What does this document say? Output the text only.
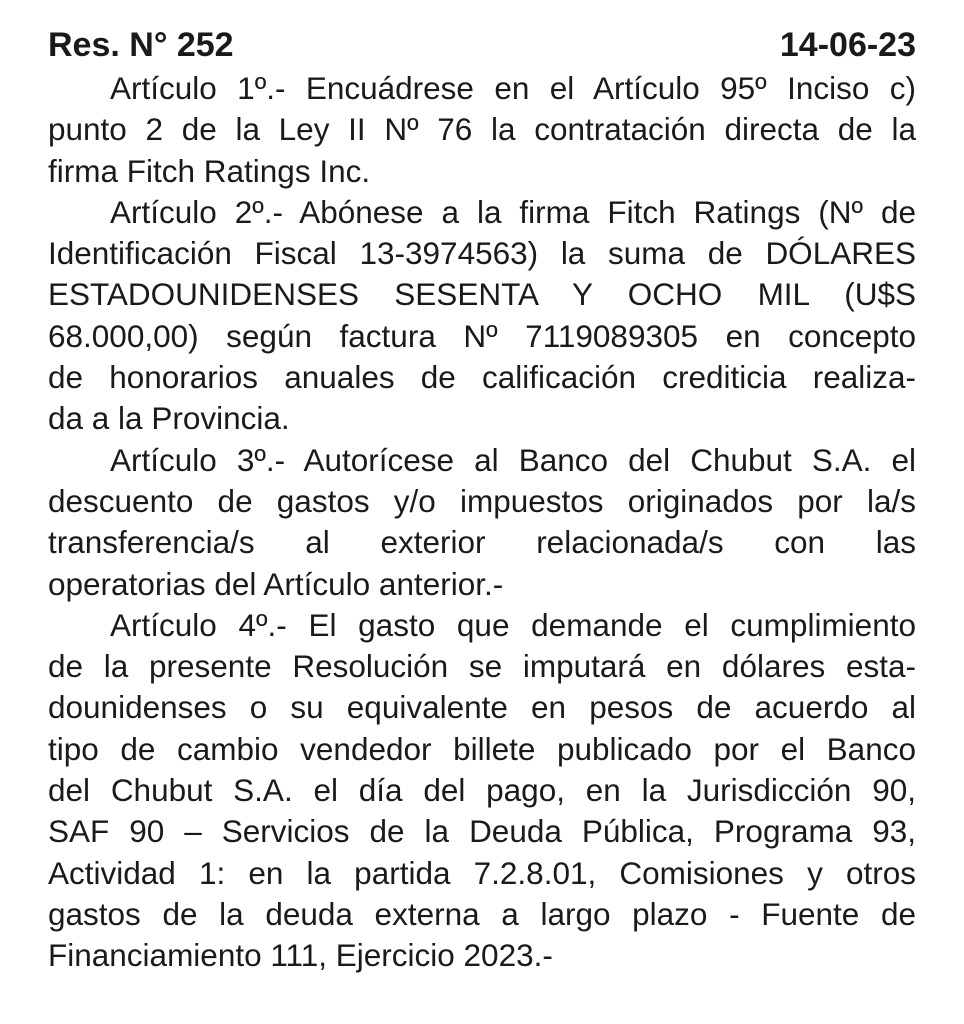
Res. N° 252	14-06-23
Artículo 1º.- Encuádrese en el Artículo 95º Inciso c)
punto 2 de la Ley II Nº 76 la contratación directa de la
firma Fitch Ratings Inc.
Artículo 2º.- Abónese a la firma Fitch Ratings (Nº de
Identificación Fiscal 13-3974563) la suma de DÓLARES
ESTADOUNIDENSES SESENTA Y OCHO MIL (U$S
68.000,00) según factura Nº 7119089305 en concepto
de honorarios anuales de calificación crediticia realiza-
da a la Provincia.
Artículo 3º.- Autorícese al Banco del Chubut S.A. el
descuento de gastos y/o impuestos originados por la/s
transferencia/s al exterior relacionada/s con las
operatorias del Artículo anterior.-
Artículo 4º.- El gasto que demande el cumplimiento
de la presente Resolución se imputará en dólares esta-
dounidenses o su equivalente en pesos de acuerdo al
tipo de cambio vendedor billete publicado por el Banco
del Chubut S.A. el día del pago, en la Jurisdicción 90,
SAF 90 – Servicios de la Deuda Pública, Programa 93,
Actividad 1: en la partida 7.2.8.01, Comisiones y otros
gastos de la deuda externa a largo plazo - Fuente de
Financiamiento 111, Ejercicio 2023.-
